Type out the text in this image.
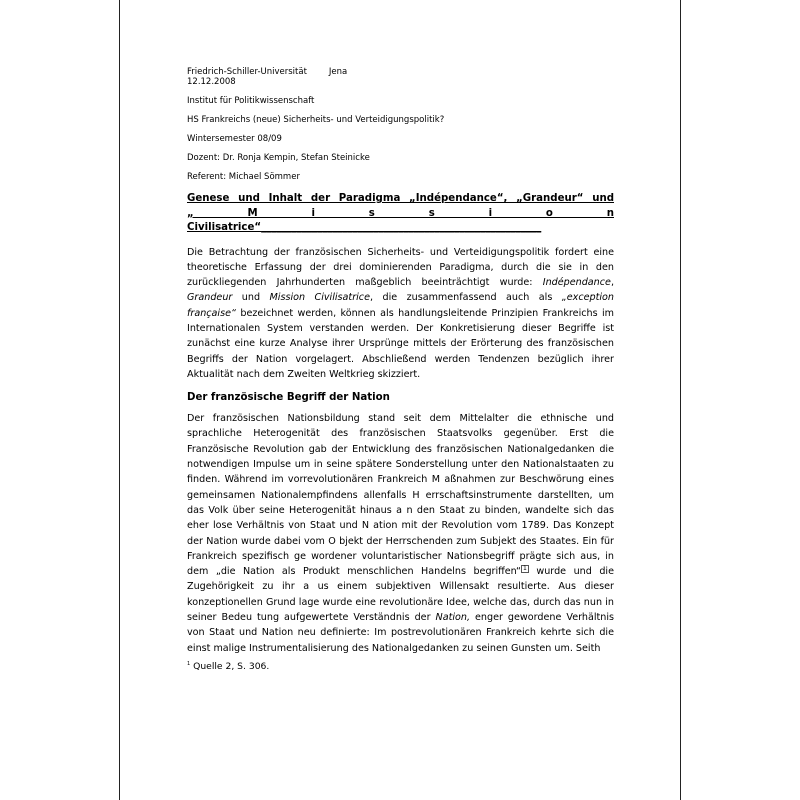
Friedrich-Schiller-Universität	Jena
12.12.2008
Institut für Politikwissenschaft
HS Frankreichs (neue) Sicherheits- und Verteidigungspolitik?
Wintersemester 08/09
Dozent: Dr. Ronja Kempin, Stefan Steinicke
Referent: Michael Sömmer
Genese und Inhalt der Paradigma „Indépendance“, „Grandeur“ und
„ M i s s i o n
Civilisatrice“_______________________________________________________

Die Betrachtung der französischen Sicherheits- und Verteidigungspolitik fordert eine theoretische Erfassung der drei dominierenden Paradigma, durch die sie in den zurückliegenden Jahrhunderten maßgeblich beeinträchtigt wurde: Indépendance, Grandeur und Mission Civilisatrice, die zusammenfassend auch als „exception française“ bezeichnet werden, können als handlungsleitende Prinzipien Frankreichs im Internationalen System verstanden werden. Der Konkretisierung dieser Begriffe ist zunächst eine kurze Analyse ihrer Ursprünge mittels der Erörterung des französischen Begriffs der Nation vorgelagert. Abschließend werden Tendenzen bezüglich ihrer Aktualität nach dem Zweiten Weltkrieg skizziert.

Der französische Begriff der Nation

Der französischen Nationsbildung stand seit dem Mittelalter die ethnische und sprachliche Heterogenität des französischen Staatsvolks gegenüber. Erst die Französische Revolution gab der Entwicklung des französischen Nationalgedanken die notwendigen Impulse um in seine spätere Sonderstellung unter den Nationalstaaten zu finden. Während im vorrevolutionären Frankreich M aßnahmen zur Beschwörung eines gemeinsamen Nationalempfindens allenfalls H errschaftsinstrumente darstellten, um das Volk über seine Heterogenität hinaus a n den Staat zu binden, wandelte sich das eher lose Verhältnis von Staat und N ation mit der Revolution vom 1789. Das Konzept der Nation wurde dabei vom O bjekt der Herrschenden zum Subjekt des Staates. Ein für Frankreich spezifisch ge wordener voluntaristischer Nationsbegriff prägte sich aus, in dem „die Nation als Produkt menschlichen Handelns begriffen“ 1 wurde und die Zugehörigkeit zu ihr a us einem subjektiven Willensakt resultierte. Aus dieser konzeptionellen Grund lage wurde eine revolutionäre Idee, welche das, durch das nun in seiner Bedeu tung aufgewertete Verständnis der Nation, enger gewordene Verhältnis von Staat und Nation neu definierte: Im postrevolutionären Frankreich kehrte sich die einst malige Instrumentalisierung des Nationalgedanken zu seinen Gunsten um. Seith

$^1$ Quelle 2, S. 306.
